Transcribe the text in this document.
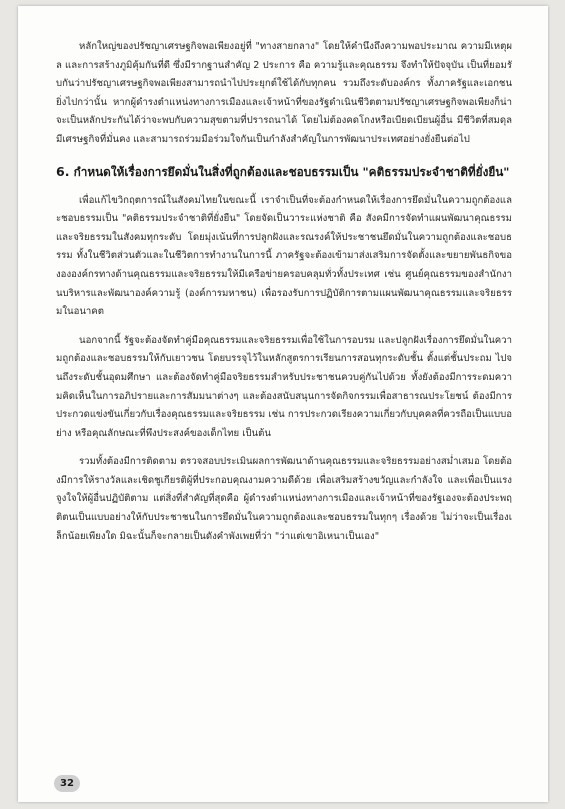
หลักใหญ่ของปรัชญาเศรษฐกิจพอเพียงอยู่ที่ "ทางสายกลาง" โดยให้คำนึงถึงความพอประมาณ ความมีเหตุผล และการสร้างภูมิคุ้มกันที่ดี ซึ่งมีรากฐานสำคัญ 2 ประการ คือ ความรู้และคุณธรรม จึงทำให้ปัจจุบัน เป็นที่ยอมรับกันว่าปรัชญาเศรษฐกิจพอเพียงสามารถนำไปประยุกต์ใช้ได้กับทุกคน รวมถึงระดับองค์กร ทั้งภาครัฐและเอกชน ยิ่งไปกว่านั้น หากผู้ดำรงตำแหน่งทางการเมืองและเจ้าหน้าที่ของรัฐดำเนินชีวิตตามปรัชญาเศรษฐกิจพอเพียงก็น่าจะเป็นหลักประกันได้ว่าจะพบกับความสุขตามที่ปรารถนาได้ โดยไม่ต้องคดโกงหรือเบียดเบียนผู้อื่น มีชีวิตที่สมดุล มีเศรษฐกิจที่มั่นคง และสามารถร่วมมือร่วมใจกันเป็นกำลังสำคัญในการพัฒนาประเทศอย่างยั่งยืนต่อไป

6. กำหนดให้เรื่องการยึดมั่นในสิ่งที่ถูกต้องและชอบธรรมเป็น "คติธรรมประจำชาติที่ยั่งยืน"

เพื่อแก้ไขวิกฤตการณ์ในสังคมไทยในขณะนี้ เราจำเป็นที่จะต้องกำหนดให้เรื่องการยึดมั่นในความถูกต้องและชอบธรรมเป็น "คติธรรมประจำชาติที่ยั่งยืน" โดยจัดเป็นวาระแห่งชาติ คือ สังคมีการจัดทำแผนพัฒนาคุณธรรมและจริยธรรมในสังคมทุกระดับ โดยมุ่งเน้นที่การปลูกฝังและรณรงค์ให้ประชาชนยึดมั่นในความถูกต้องและชอบธรรม ทั้งในชีวิตส่วนตัวและในชีวิตการทำงานในการนี้ ภาครัฐจะต้องเข้ามาส่งเสริมการจัดตั้งและขยายพันธกิจของององค์กรทางด้านคุณธรรมและจริยธรรมให้มีเครือข่ายครอบคลุมทั่วทั้งประเทศ เช่น ศูนย์คุณธรรมของสำนักงานบริหารและพัฒนาองค์ความรู้ (องค์การมหาชน) เพื่อรองรับการปฏิบัติการตามแผนพัฒนาคุณธรรมและจริยธรรมในอนาคต

นอกจากนี้ รัฐจะต้องจัดทำคู่มือคุณธรรมและจริยธรรมเพื่อใช้ในการอบรม และปลูกฝังเรื่องการยึดมั่นในความถูกต้องและชอบธรรมให้กับเยาวชน โดยบรรจุไว้ในหลักสูตรการเรียนการสอนทุกระดับชั้น ตั้งแต่ชั้นประถม ไปจนถึงระดับชั้นอุดมศึกษา และต้องจัดทำคู่มือจริยธรรมสำหรับประชาชนควบคู่กันไปด้วย ทั้งยังต้องมีการระดมความคิดเห็นในการอภิปรายและการสัมมนาต่างๆ และต้องสนับสนุนการจัดกิจกรรมเพื่อสาธารณประโยชน์ ต้องมีการประกวดแข่งขันเกี่ยวกับเรื่องคุณธรรมและจริยธรรม เช่น การประกวดเรียงความเกี่ยวกับบุคคลที่ควรถือเป็นแบบอย่าง หรือคุณลักษณะที่พึงประสงค์ของเด็กไทย เป็นต้น

รวมทั้งต้องมีการติดตาม ตรวจสอบประเมินผลการพัฒนาด้านคุณธรรมและจริยธรรมอย่างสม่ำเสมอ โดยต้องมีการให้รางวัลและเชิดชูเกียรติผู้ที่ประกอบคุณงามความดีด้วย เพื่อเสริมสร้างขวัญและกำลังใจ และเพื่อเป็นแรงจูงใจให้ผู้อื่นปฏิบัติตาม แต่สิ่งที่สำคัญที่สุดคือ ผู้ดำรงตำแหน่งทางการเมืองและเจ้าหน้าที่ของรัฐเองจะต้องประพฤติตนเป็นแบบอย่างให้กับประชาชนในการยึดมั่นในความถูกต้องและชอบธรรมในทุกๆ เรื่องด้วย ไม่ว่าจะเป็นเรื่องเล็กน้อยเพียงใด มิฉะนั้นก็จะกลายเป็นดังคำพังเพยที่ว่า "ว่าแต่เขาอิเหนาเป็นเอง"

32
